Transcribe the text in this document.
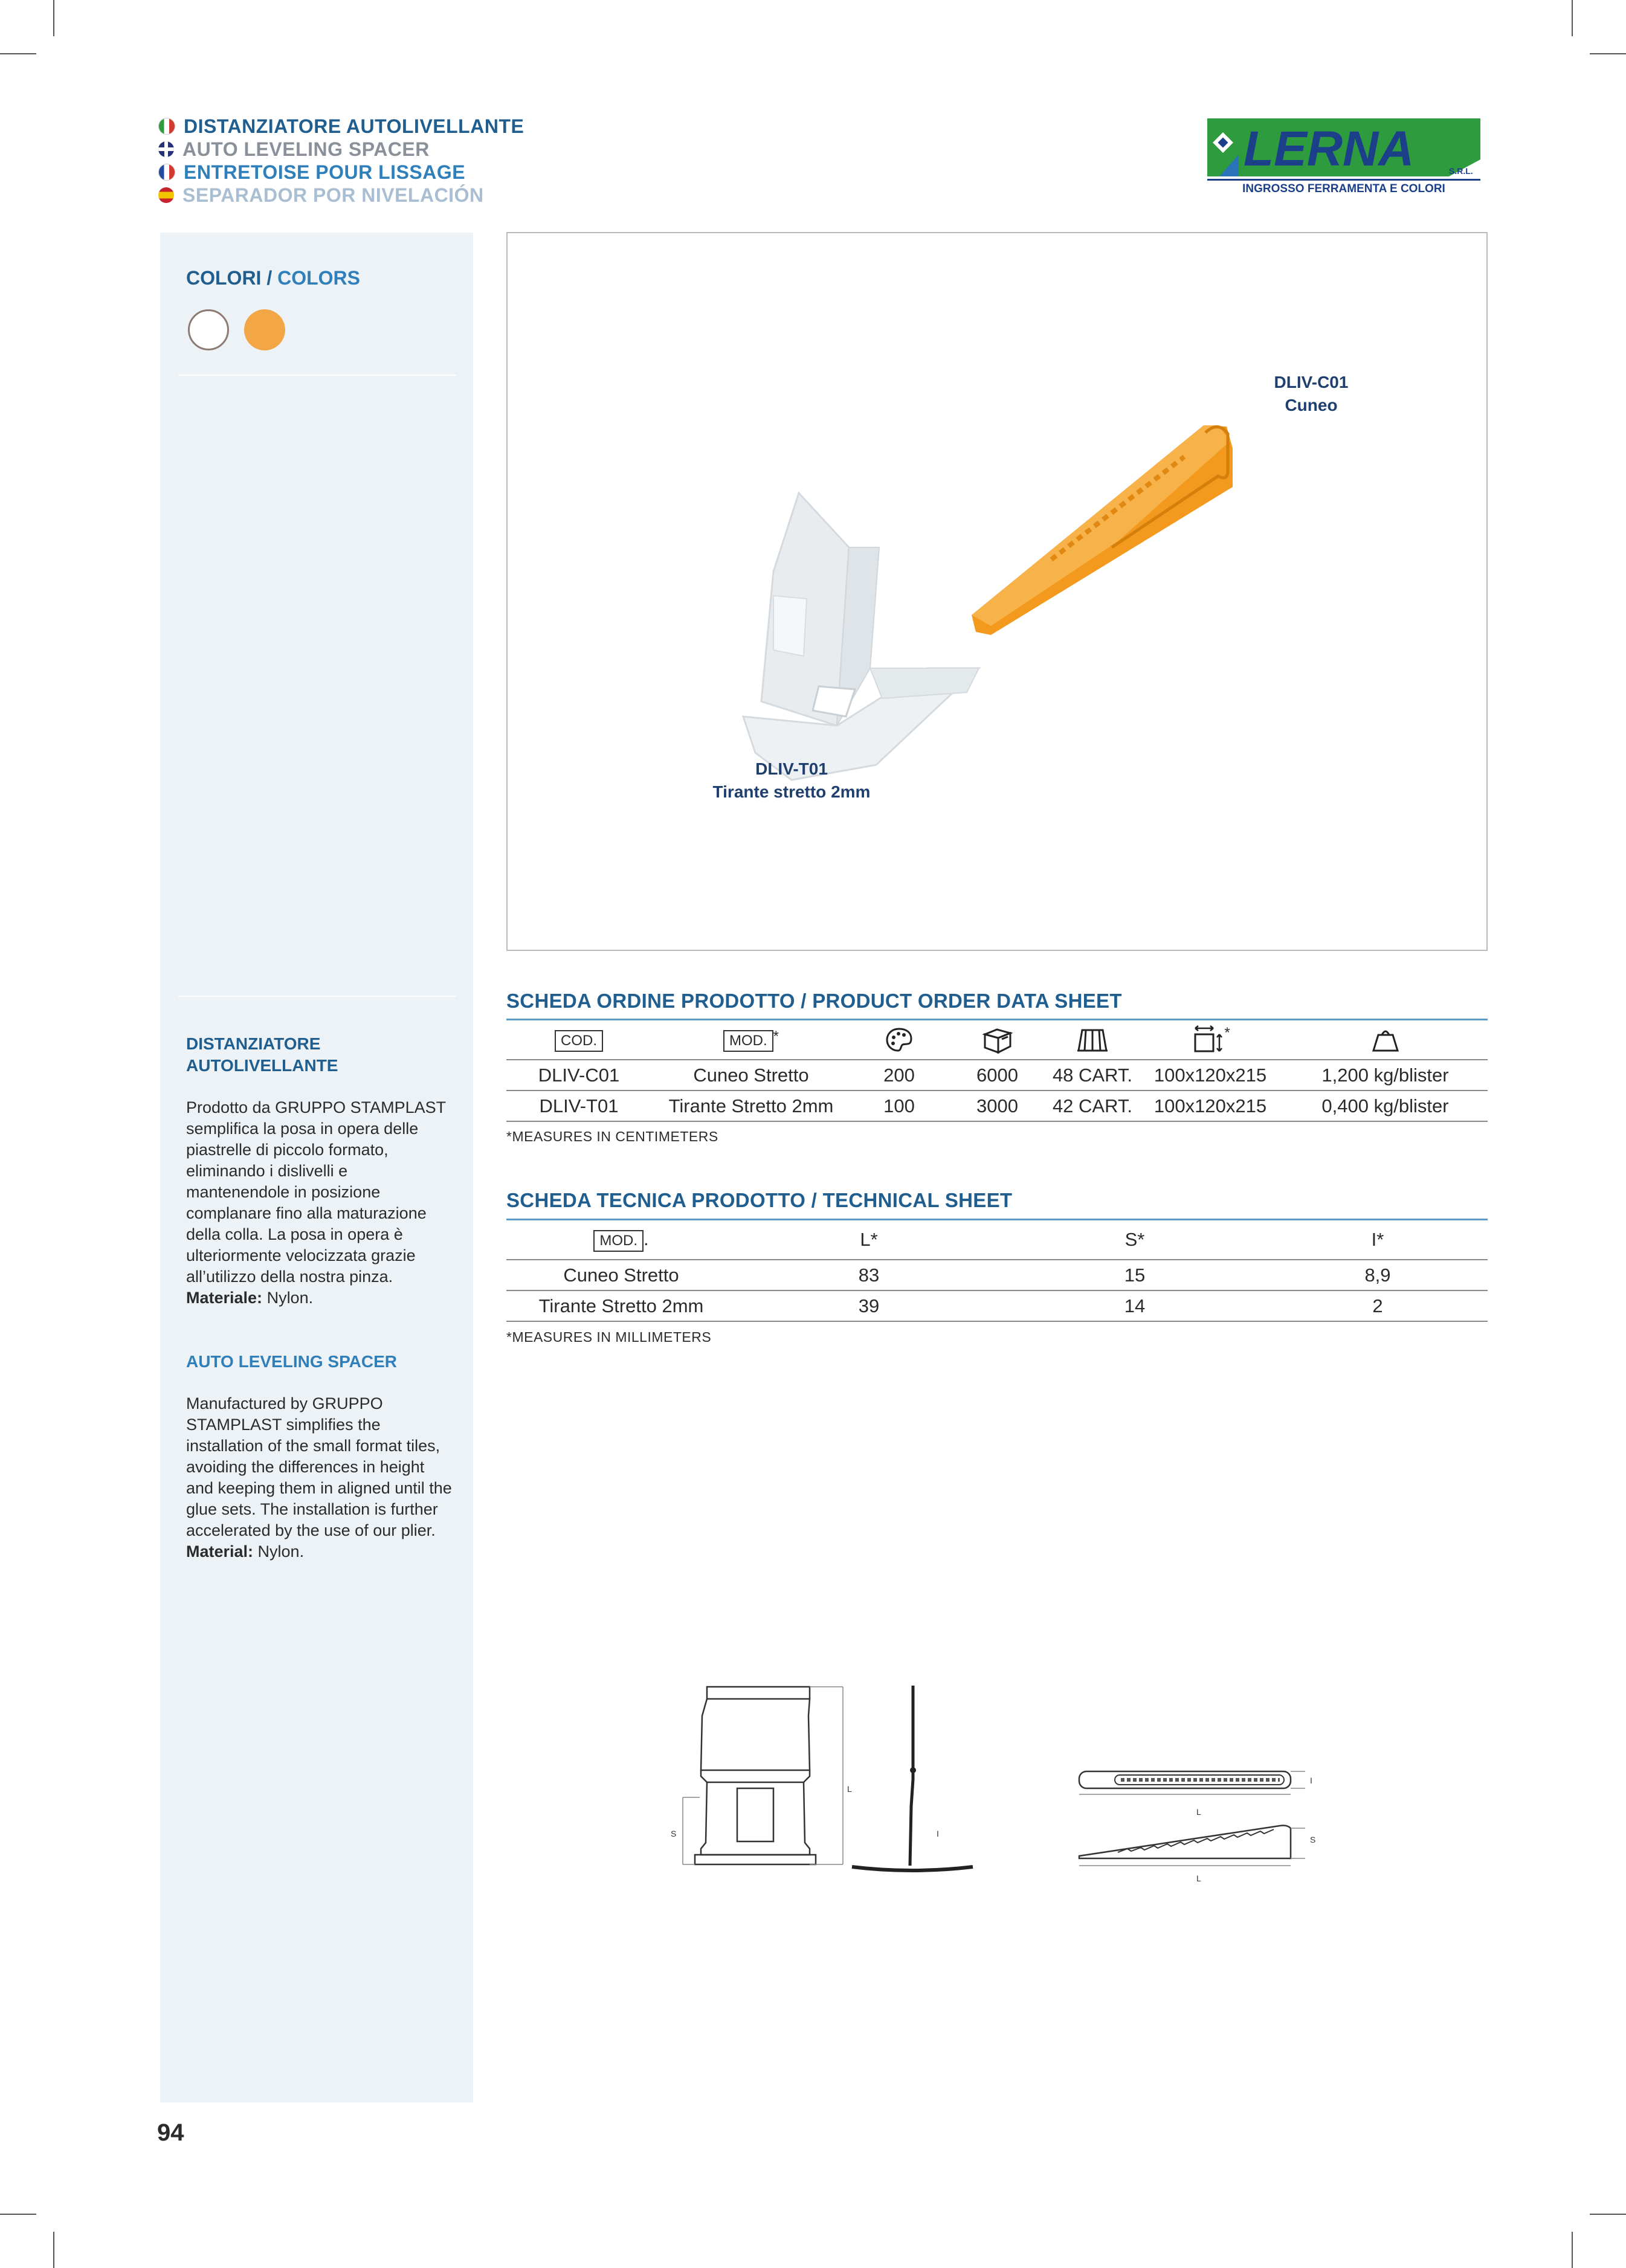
DISTANZIATORE AUTOLIVELLANTE
AUTO LEVELING SPACER
ENTRETOISE POUR LISSAGE
SEPARADOR POR NIVELACIÓN
LERNA	S.R.L.
INGROSSO FERRAMENTA E COLORI
COLORI / COLORS
DISTANZIATORE AUTOLIVELLANTE
Prodotto da GRUPPO STAMPLAST semplifica la posa in opera delle piastrelle di piccolo formato, eliminando i dislivelli e mantenendole in posizione complanare fino alla maturazione della colla. La posa in opera è ulteriormente velocizzata grazie all’utilizzo della nostra pinza.
Materiale: Nylon.
AUTO LEVELING SPACER
Manufactured by GRUPPO STAMPLAST simplifies the installation of the small format tiles, avoiding the differences in height and keeping them in aligned until the glue sets. The installation is further accelerated by the use of our plier.
Material: Nylon.
DLIV-C01
Cuneo
DLIV-T01
Tirante stretto 2mm
SCHEDA ORDINE PRODOTTO / PRODUCT ORDER DATA SHEET
COD.	MOD. *				*	
DLIV-C01	Cuneo Stretto	200	6000	48 CART.	100x120x215	1,200 kg/blister
DLIV-T01	Tirante Stretto 2mm	100	3000	42 CART.	100x120x215	0,400 kg/blister
*MEASURES IN CENTIMETERS
SCHEDA TECNICA PRODOTTO / TECHNICAL SHEET
MOD. .	L*	S*	I*
Cuneo Stretto	83	15	8,9
Tirante Stretto 2mm	39	14	2
*MEASURES IN MILLIMETERS
L
S	I
I
L
S
L
94
